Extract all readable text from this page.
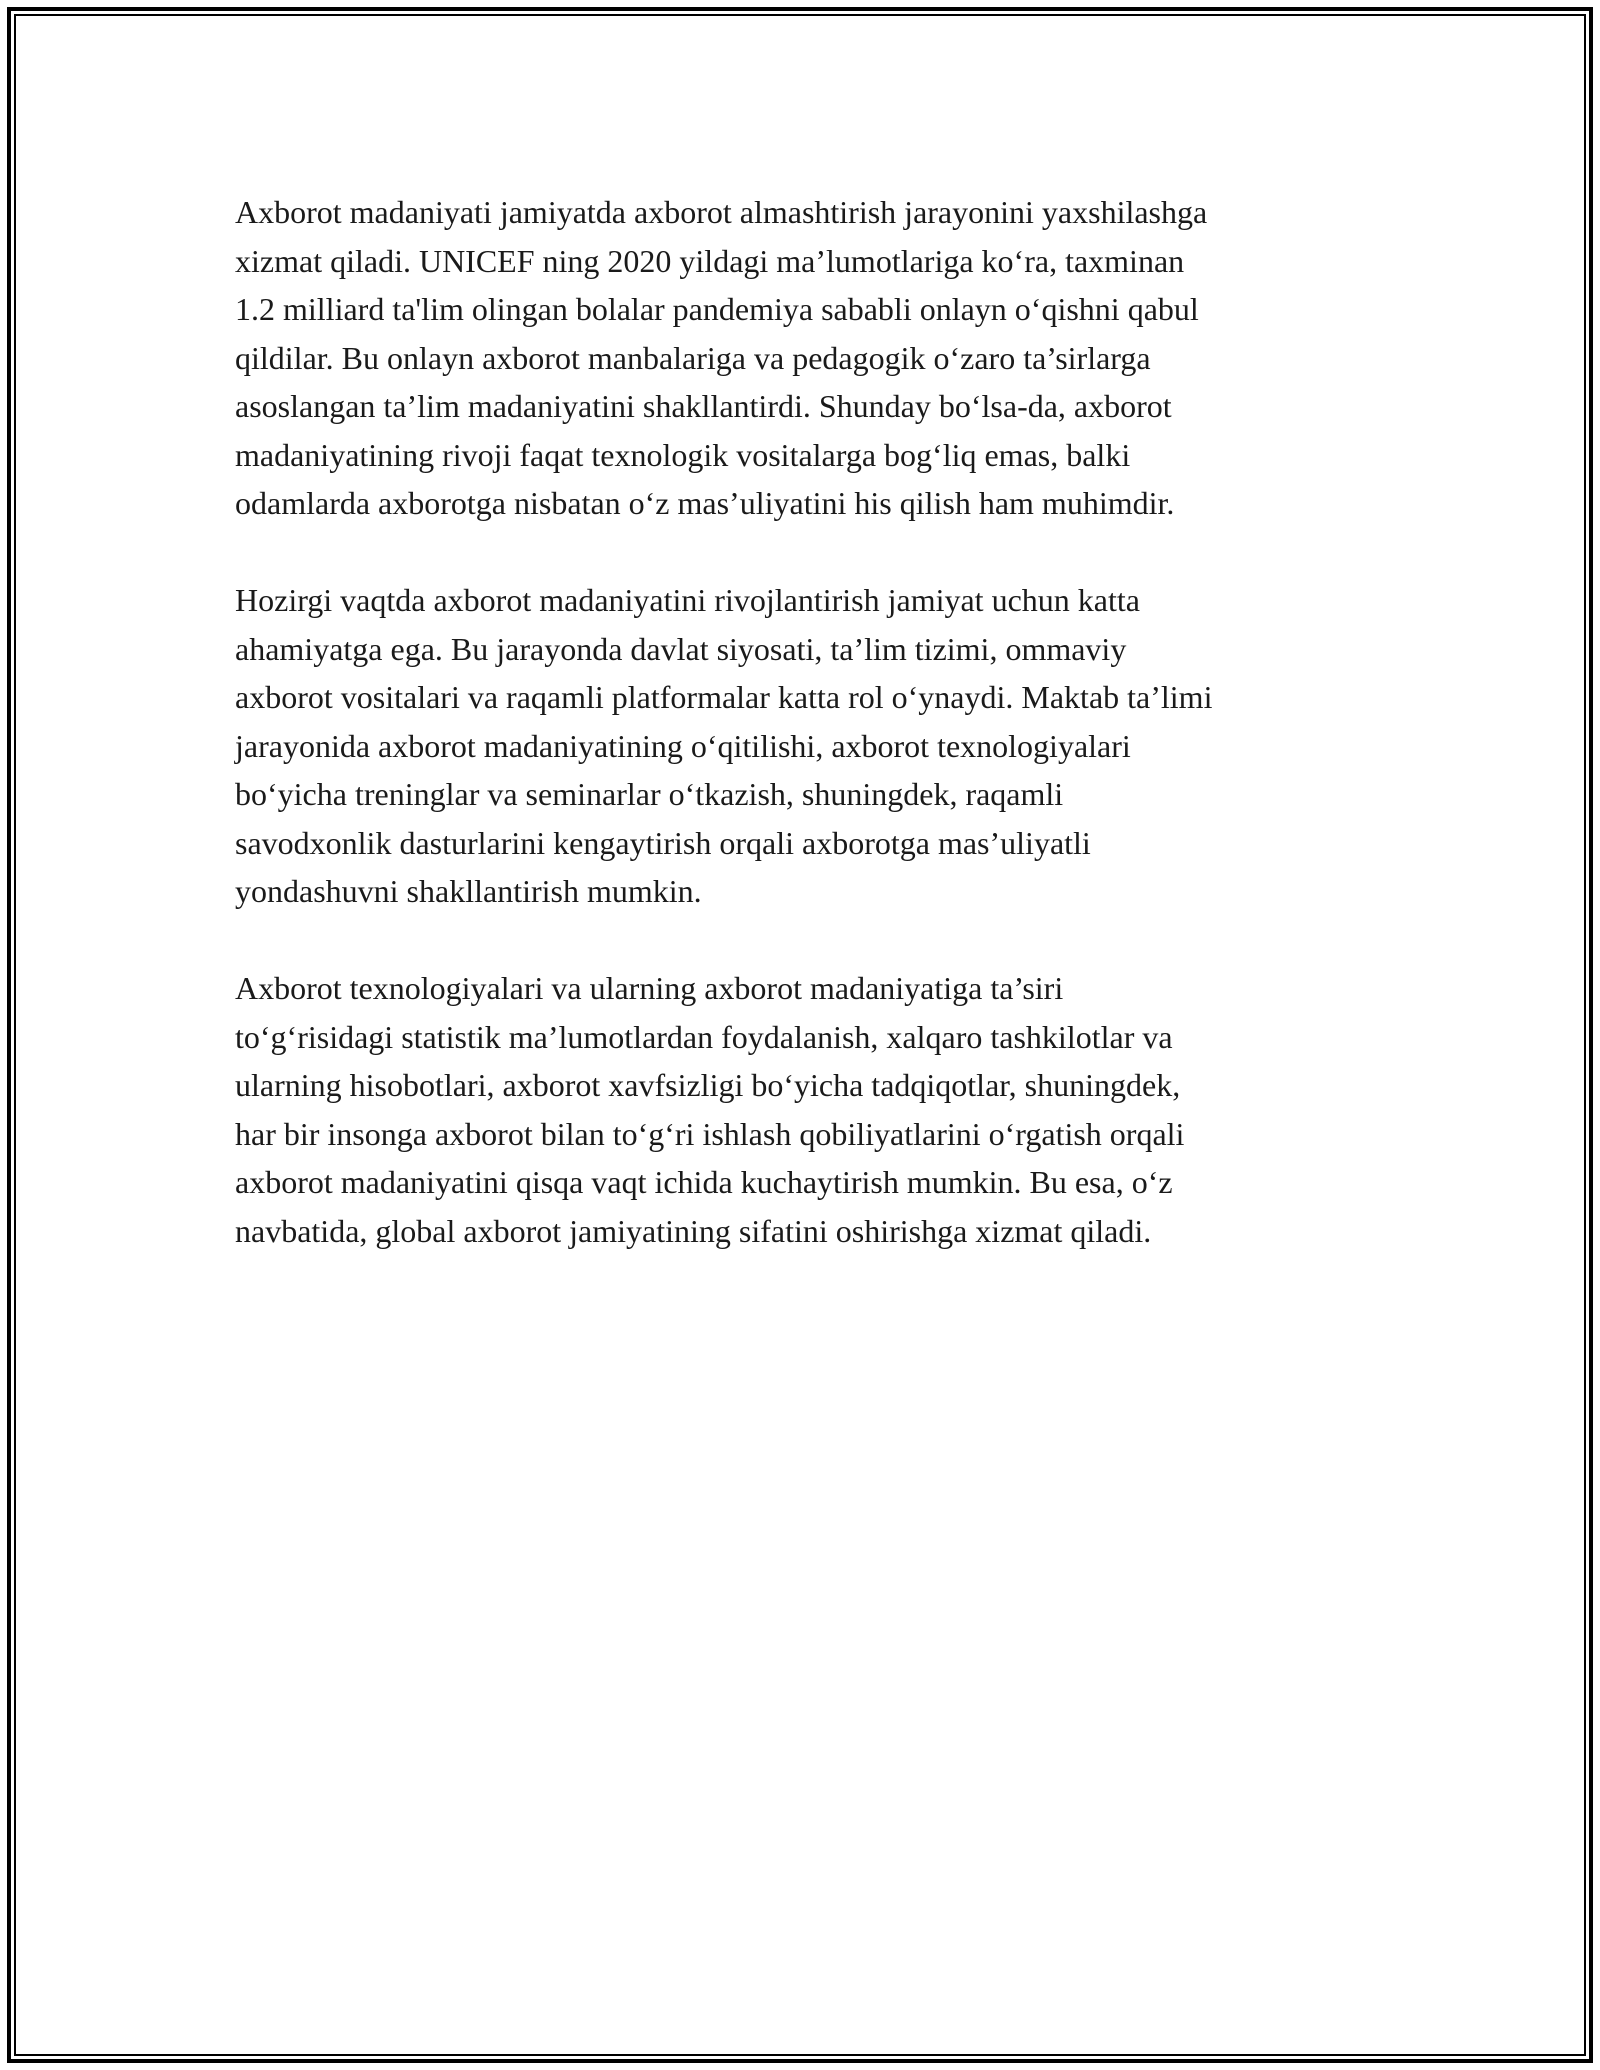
Axborot madaniyati jamiyatda axborot almashtirish jarayonini yaxshilashga
xizmat qiladi. UNICEF ning 2020 yildagi ma’lumotlariga ko‘ra, taxminan
1.2 milliard ta'lim olingan bolalar pandemiya sababli onlayn o‘qishni qabul
qildilar. Bu onlayn axborot manbalariga va pedagogik o‘zaro ta’sirlarga
asoslangan ta’lim madaniyatini shakllantirdi. Shunday bo‘lsa-da, axborot
madaniyatining rivoji faqat texnologik vositalarga bog‘liq emas, balki
odamlarda axborotga nisbatan o‘z mas’uliyatini his qilish ham muhimdir.

Hozirgi vaqtda axborot madaniyatini rivojlantirish jamiyat uchun katta
ahamiyatga ega. Bu jarayonda davlat siyosati, ta’lim tizimi, ommaviy
axborot vositalari va raqamli platformalar katta rol o‘ynaydi. Maktab ta’limi
jarayonida axborot madaniyatining o‘qitilishi, axborot texnologiyalari
bo‘yicha treninglar va seminarlar o‘tkazish, shuningdek, raqamli
savodxonlik dasturlarini kengaytirish orqali axborotga mas’uliyatli
yondashuvni shakllantirish mumkin.

Axborot texnologiyalari va ularning axborot madaniyatiga ta’siri
to‘g‘risidagi statistik ma’lumotlardan foydalanish, xalqaro tashkilotlar va
ularning hisobotlari, axborot xavfsizligi bo‘yicha tadqiqotlar, shuningdek,
har bir insonga axborot bilan to‘g‘ri ishlash qobiliyatlarini o‘rgatish orqali
axborot madaniyatini qisqa vaqt ichida kuchaytirish mumkin. Bu esa, o‘z
navbatida, global axborot jamiyatining sifatini oshirishga xizmat qiladi.
